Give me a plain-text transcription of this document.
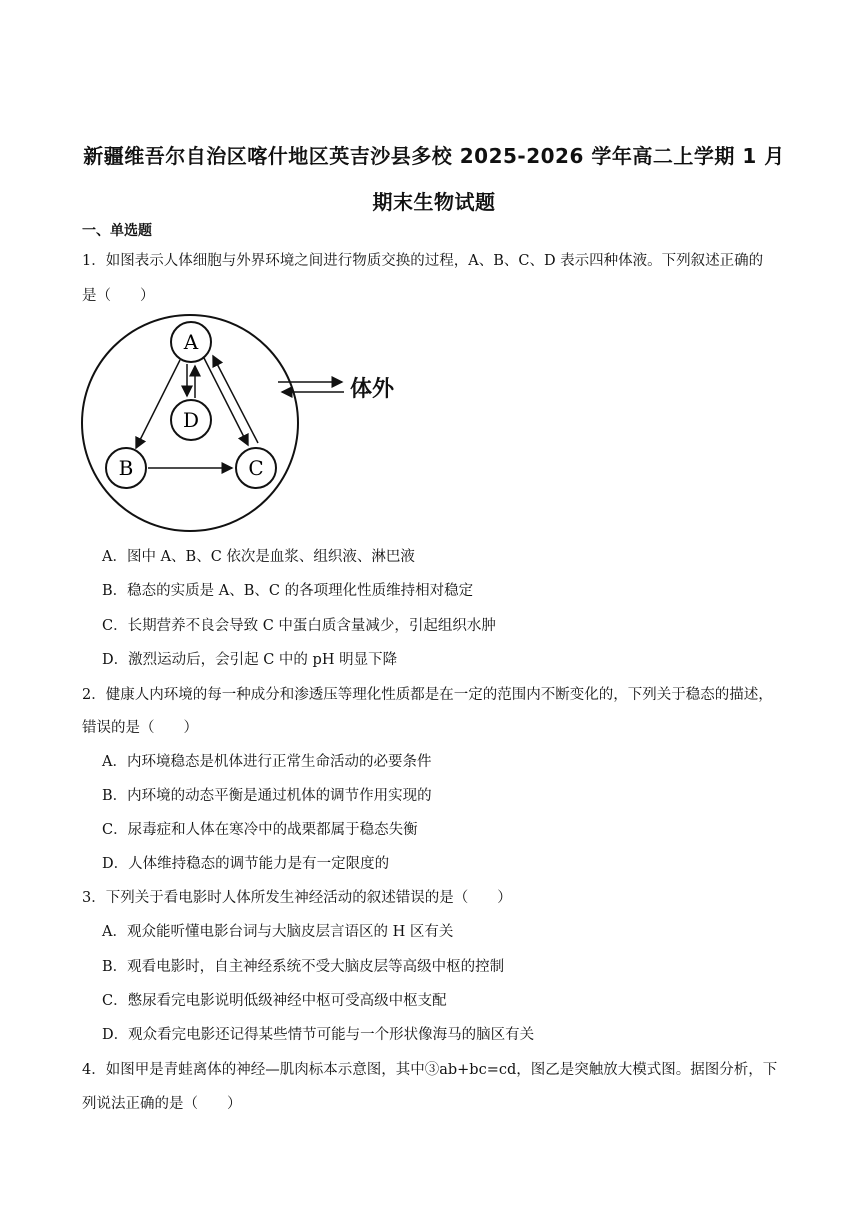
新疆维吾尔自治区喀什地区英吉沙县多校 2025-2026 学年高二上学期 1 月
期末生物试题
一、单选题
1．如图表示人体细胞与外界环境之间进行物质交换的过程，A、B、C、D 表示四种体液。下列叙述正确的
是（　　）
A
B	C
D
体外
A．图中 A、B、C 依次是血浆、组织液、淋巴液
B．稳态的实质是 A、B、C 的各项理化性质维持相对稳定
C．长期营养不良会导致 C 中蛋白质含量减少，引起组织水肿
D．激烈运动后，会引起 C 中的 pH 明显下降
2．健康人内环境的每一种成分和渗透压等理化性质都是在一定的范围内不断变化的，下列关于稳态的描述，
错误的是（　　）
A．内环境稳态是机体进行正常生命活动的必要条件
B．内环境的动态平衡是通过机体的调节作用实现的
C．尿毒症和人体在寒冷中的战栗都属于稳态失衡
D．人体维持稳态的调节能力是有一定限度的
3．下列关于看电影时人体所发生神经活动的叙述错误的是（　　）
A．观众能听懂电影台词与大脑皮层言语区的 H 区有关
B．观看电影时，自主神经系统不受大脑皮层等高级中枢的控制
C．憋尿看完电影说明低级神经中枢可受高级中枢支配
D．观众看完电影还记得某些情节可能与一个形状像海马的脑区有关
4．如图甲是青蛙离体的神经—肌肉标本示意图，其中③ab+bc=cd，图乙是突触放大模式图。据图分析，下
列说法正确的是（　　）
